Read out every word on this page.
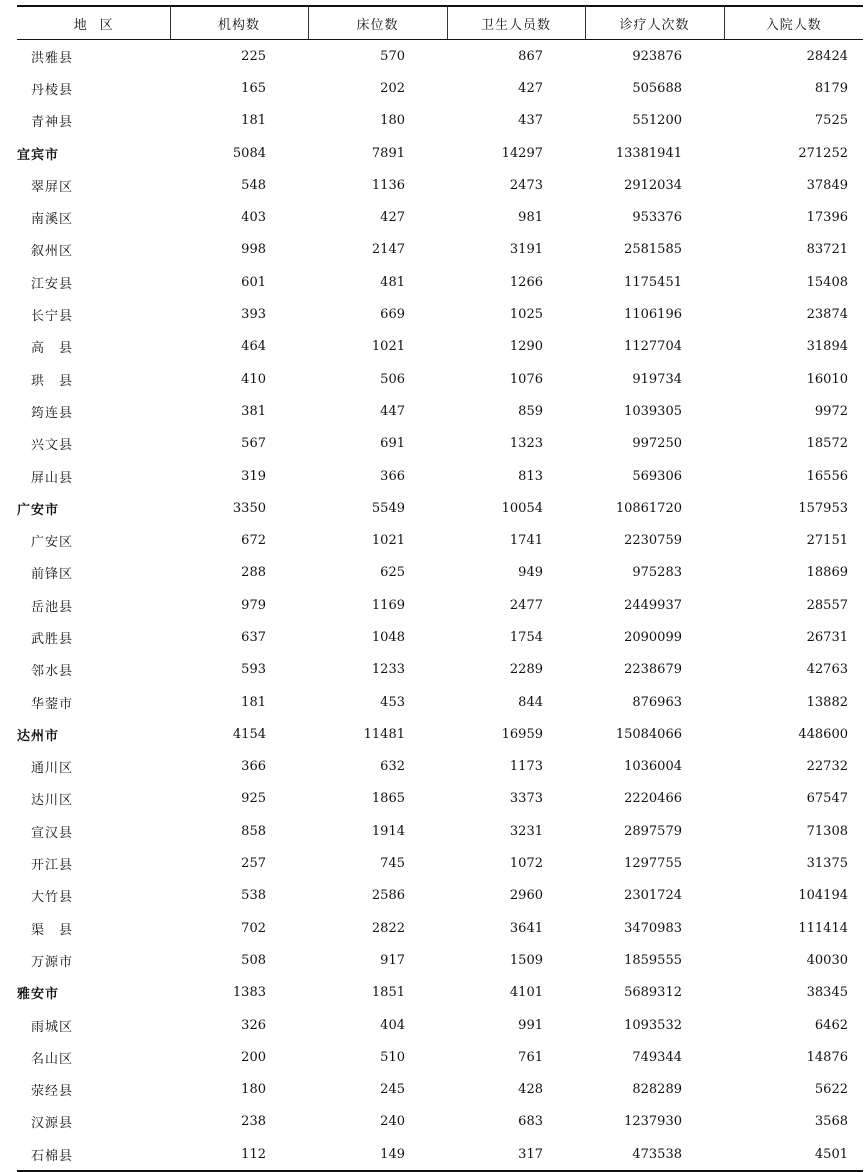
地　区	机构数	床位数	卫生人员数	诊疗人次数	入院人数
洪雅县	225	570	867	923876	28424
丹棱县	165	202	427	505688	8179
青神县	181	180	437	551200	7525
宜宾市	5084	7891	14297	13381941	271252
翠屏区	548	1136	2473	2912034	37849
南溪区	403	427	981	953376	17396
叙州区	998	2147	3191	2581585	83721
江安县	601	481	1266	1175451	15408
长宁县	393	669	1025	1106196	23874
高　县	464	1021	1290	1127704	31894
珙　县	410	506	1076	919734	16010
筠连县	381	447	859	1039305	9972
兴文县	567	691	1323	997250	18572
屏山县	319	366	813	569306	16556
广安市	3350	5549	10054	10861720	157953
广安区	672	1021	1741	2230759	27151
前锋区	288	625	949	975283	18869
岳池县	979	1169	2477	2449937	28557
武胜县	637	1048	1754	2090099	26731
邻水县	593	1233	2289	2238679	42763
华蓥市	181	453	844	876963	13882
达州市	4154	11481	16959	15084066	448600
通川区	366	632	1173	1036004	22732
达川区	925	1865	3373	2220466	67547
宣汉县	858	1914	3231	2897579	71308
开江县	257	745	1072	1297755	31375
大竹县	538	2586	2960	2301724	104194
渠　县	702	2822	3641	3470983	111414
万源市	508	917	1509	1859555	40030
雅安市	1383	1851	4101	5689312	38345
雨城区	326	404	991	1093532	6462
名山区	200	510	761	749344	14876
荥经县	180	245	428	828289	5622
汉源县	238	240	683	1237930	3568
石棉县	112	149	317	473538	4501
